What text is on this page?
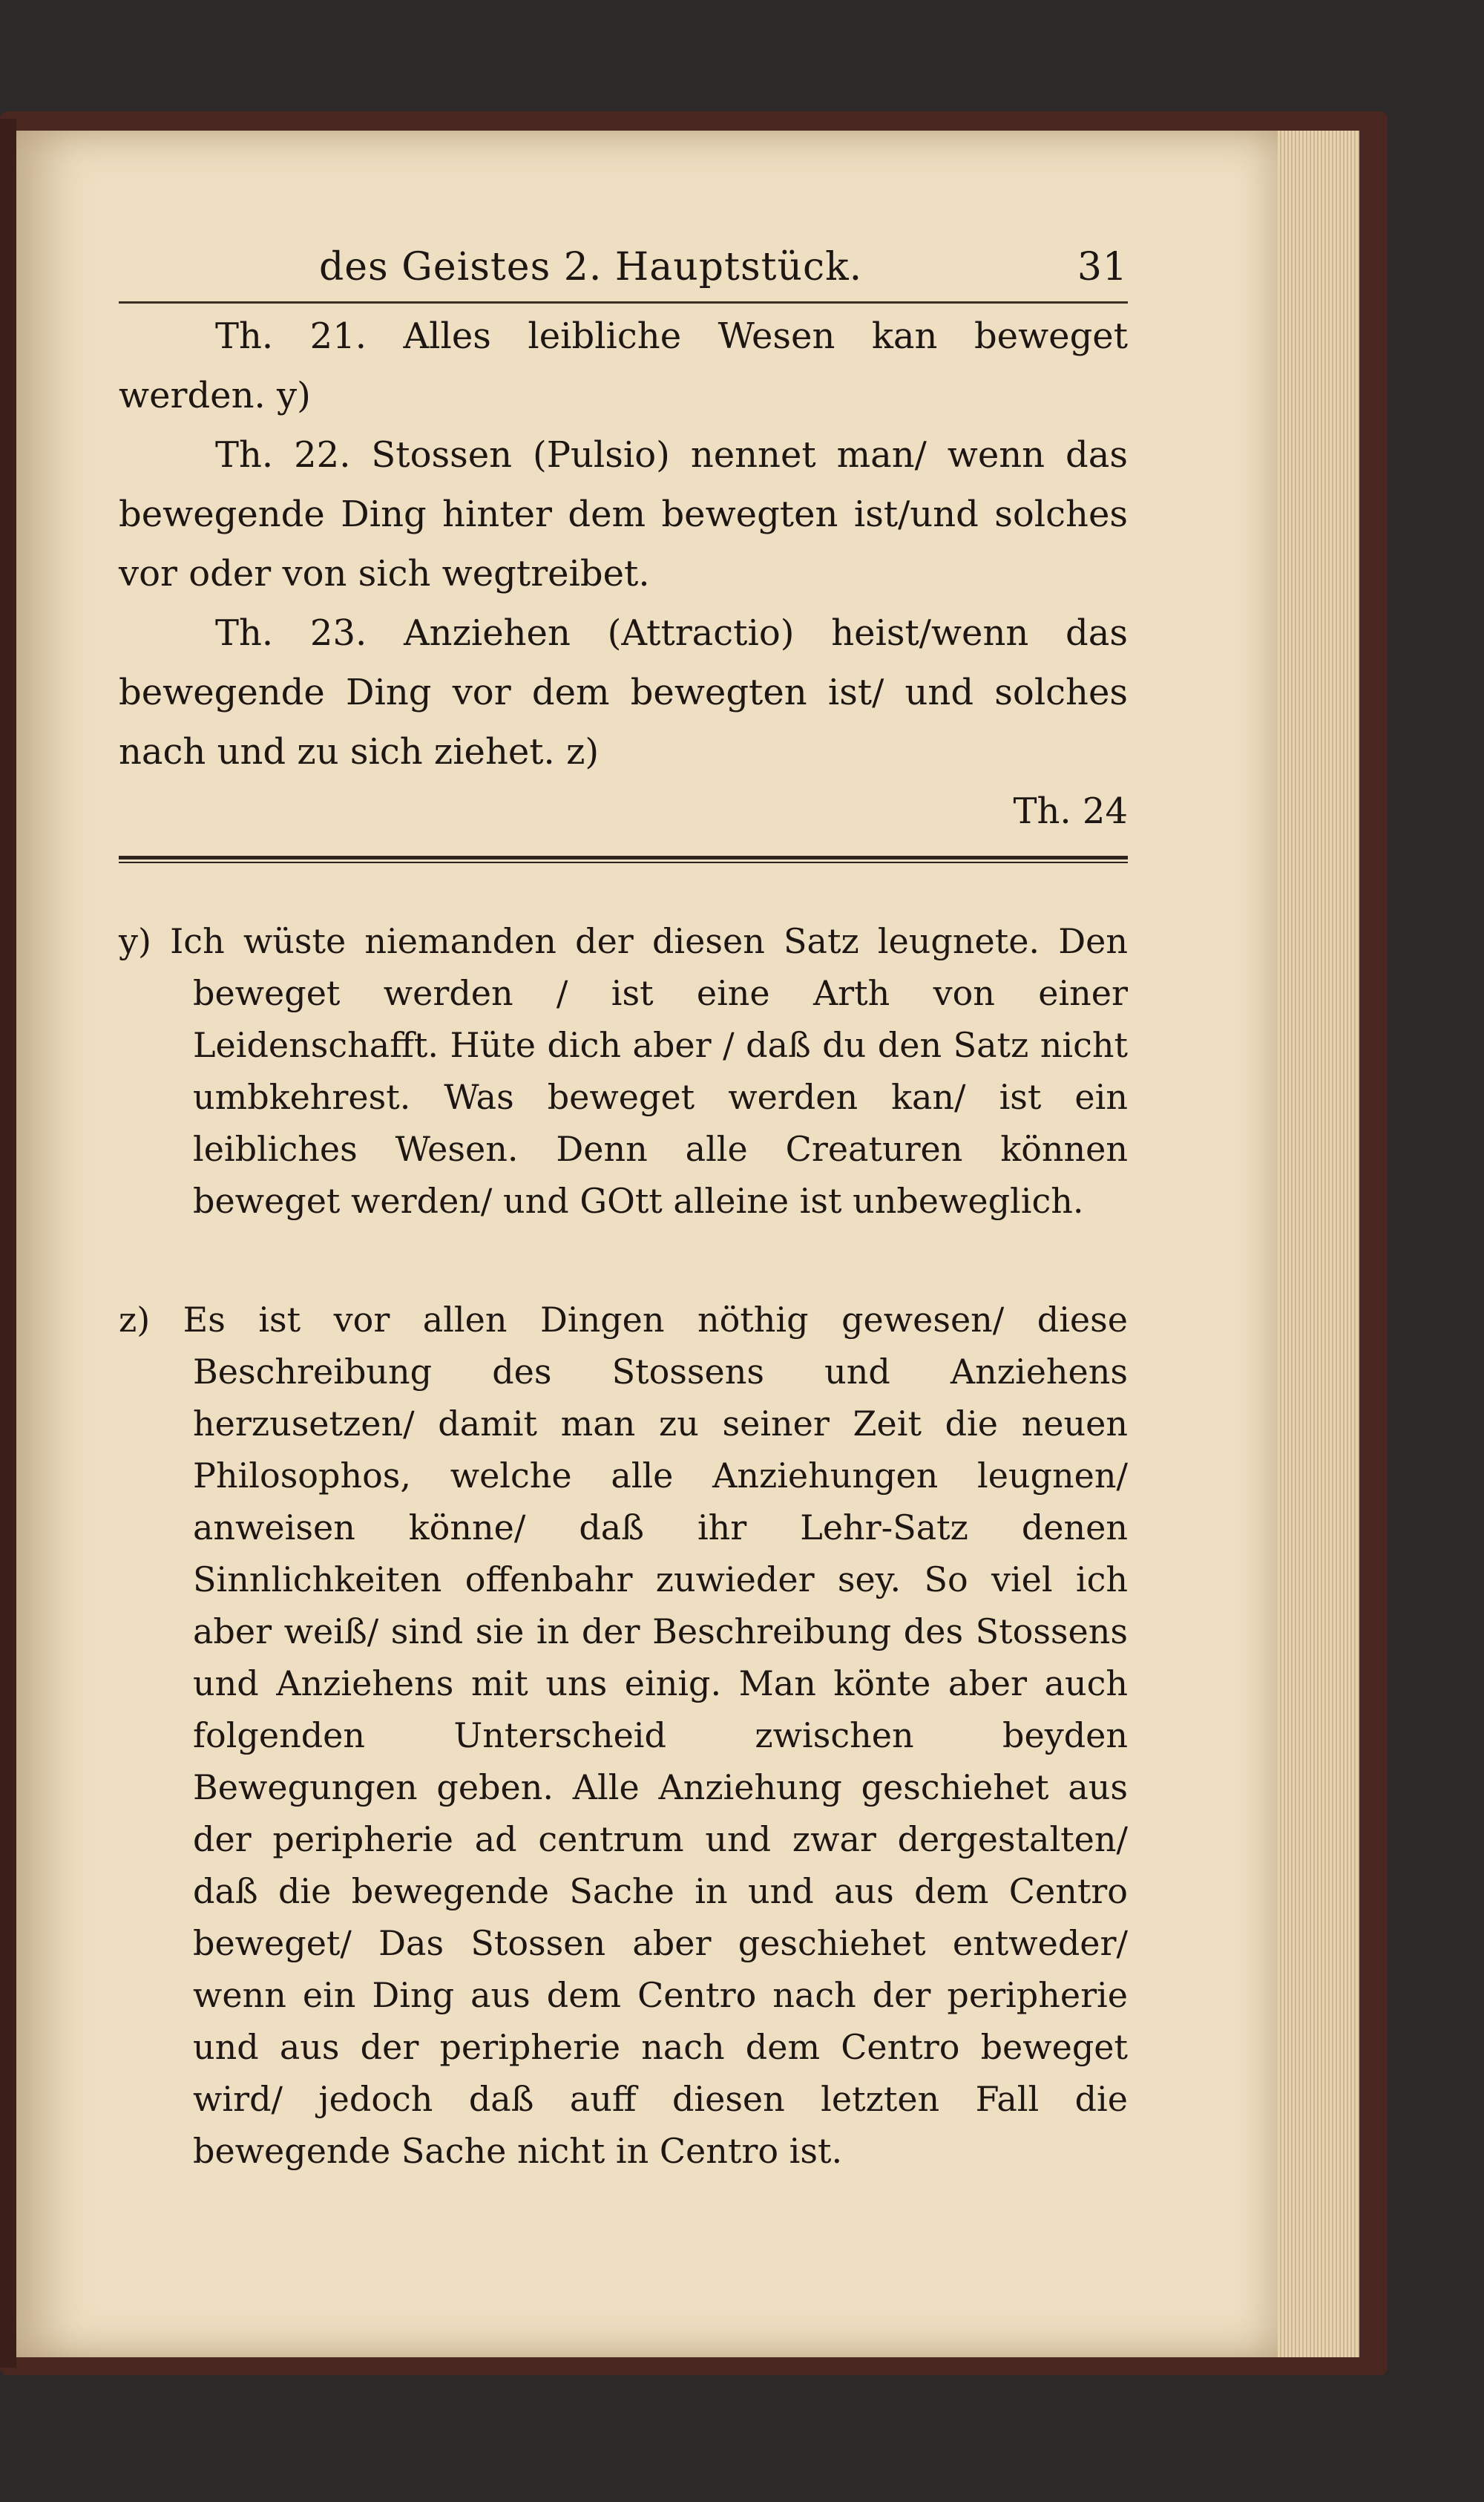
des Geistes 2. Hauptstück.	31

Th. 21. Alles leibliche Wesen kan beweget werden. y)

Th. 22. Stossen (Pulsio) nennet man/ wenn das bewegende Ding hinter dem bewegten ist/und solches vor oder von sich wegtreibet.

Th. 23. Anziehen (Attractio) heist/wenn das bewegende Ding vor dem bewegten ist/ und solches nach und zu sich ziehet. z)

Th. 24

y) Ich wüste niemanden der diesen Satz leugnete. Den beweget werden / ist eine Arth von einer Leidenschafft. Hüte dich aber / daß du den Satz nicht umbkehrest. Was beweget werden kan/ ist ein leibliches Wesen. Denn alle Creaturen können beweget werden/ und GOtt alleine ist unbeweglich.

z) Es ist vor allen Dingen nöthig gewesen/ diese Beschreibung des Stossens und Anziehens herzusetzen/ damit man zu seiner Zeit die neuen Philosophos, welche alle Anziehungen leugnen/ anweisen könne/ daß ihr Lehr-Satz denen Sinnlichkeiten offenbahr zuwieder sey. So viel ich aber weiß/ sind sie in der Beschreibung des Stossens und Anziehens mit uns einig. Man könte aber auch folgenden Unterscheid zwischen beyden Bewegungen geben. Alle Anziehung geschiehet aus der peripherie ad centrum und zwar dergestalten/ daß die bewegende Sache in und aus dem Centro beweget/ Das Stossen aber geschiehet entweder/ wenn ein Ding aus dem Centro nach der peripherie und aus der peripherie nach dem Centro beweget wird/ jedoch daß auff diesen letzten Fall die bewegende Sache nicht in Centro ist.
